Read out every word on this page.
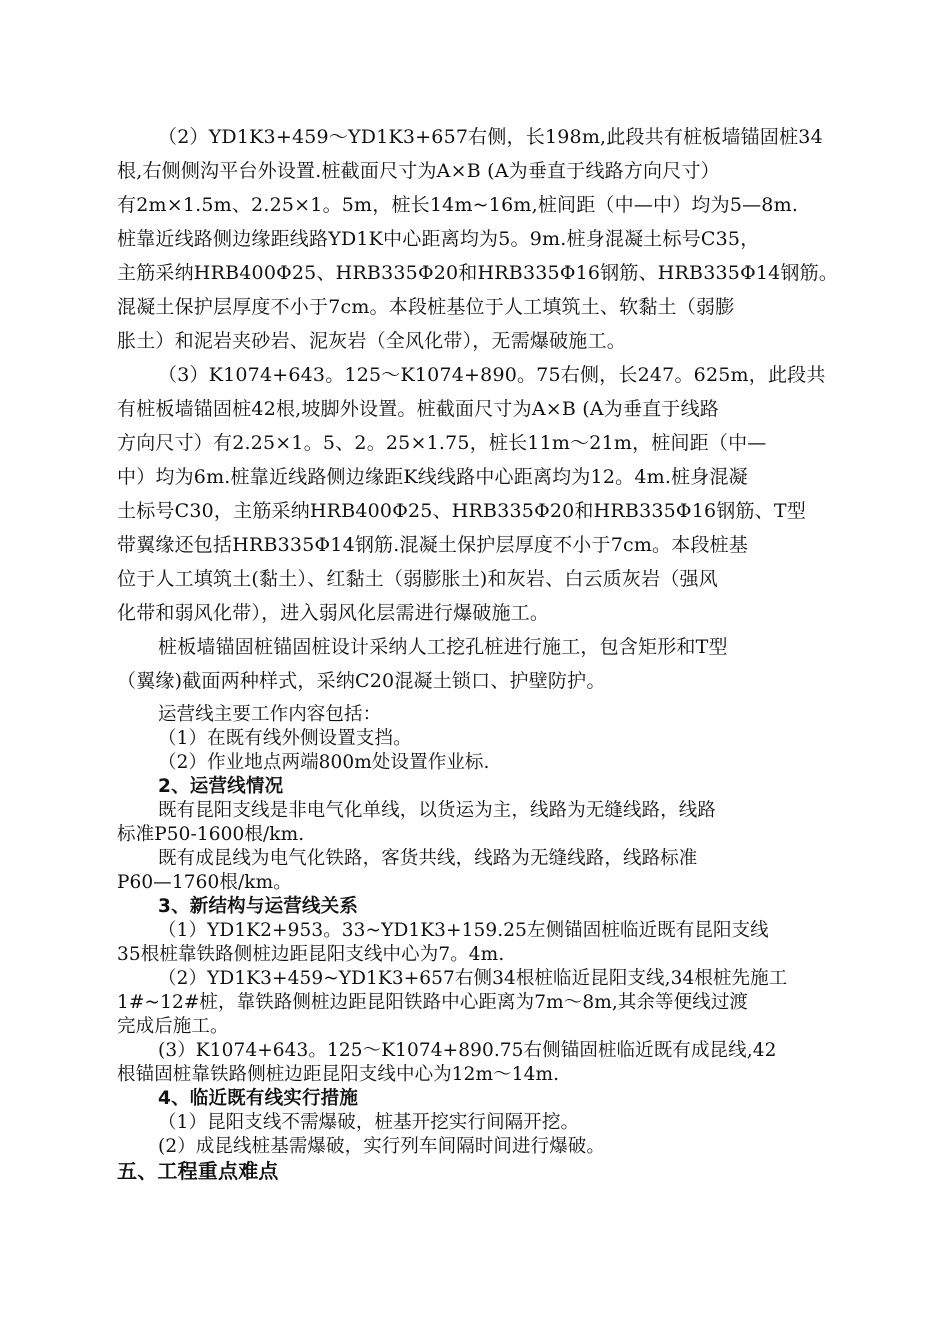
（2）YD1K3+459～YD1K3+657右侧，长198m,此段共有桩板墙锚固桩34
根,右侧侧沟平台外设置.桩截面尺寸为A×B (A为垂直于线路方向尺寸）
有2m×1.5m、2.25×1。5m，桩长14m~16m,桩间距（中—中）均为5—8m.
桩靠近线路侧边缘距线路YD1K中心距离均为5。9m.桩身混凝土标号C35，
主筋采纳HRB400Φ25、HRB335Φ20和HRB335Φ16钢筋、HRB335Φ14钢筋。
混凝土保护层厚度不小于7cm。本段桩基位于人工填筑土、软黏土（弱膨
胀土）和泥岩夹砂岩、泥灰岩（全风化带），无需爆破施工。
（3）K1074+643。125～K1074+890。75右侧，长247。625m，此段共
有桩板墙锚固桩42根,坡脚外设置。桩截面尺寸为A×B (A为垂直于线路
方向尺寸）有2.25×1。5、2。25×1.75，桩长11m～21m，桩间距（中—
中）均为6m.桩靠近线路侧边缘距K线线路中心距离均为12。4m.桩身混凝
土标号C30，主筋采纳HRB400Φ25、HRB335Φ20和HRB335Φ16钢筋、T型
带翼缘还包括HRB335Φ14钢筋.混凝土保护层厚度不小于7cm。本段桩基
位于人工填筑土(黏土）、红黏土（弱膨胀土)和灰岩、白云质灰岩（强风
化带和弱风化带），进入弱风化层需进行爆破施工。
桩板墙锚固桩锚固桩设计采纳人工挖孔桩进行施工，包含矩形和T型
（翼缘)截面两种样式，采纳C20混凝土锁口、护壁防护。
运营线主要工作内容包括：
（1）在既有线外侧设置支挡。
（2）作业地点两端800m处设置作业标.
2、运营线情况
既有昆阳支线是非电气化单线，以货运为主，线路为无缝线路，线路
标准P50-1600根/km.
既有成昆线为电气化铁路，客货共线，线路为无缝线路，线路标准
P60—1760根/km。
3、新结构与运营线关系
（1）YD1K2+953。33~YD1K3+159.25左侧锚固桩临近既有昆阳支线
35根桩靠铁路侧桩边距昆阳支线中心为7。4m.
（2）YD1K3+459~YD1K3+657右侧34根桩临近昆阳支线,34根桩先施工
1#~12#桩，靠铁路侧桩边距昆阳铁路中心距离为7m～8m,其余等便线过渡
完成后施工。
(3）K1074+643。125～K1074+890.75右侧锚固桩临近既有成昆线,42
根锚固桩靠铁路侧桩边距昆阳支线中心为12m～14m.
4、临近既有线实行措施
（1）昆阳支线不需爆破，桩基开挖实行间隔开挖。
(2）成昆线桩基需爆破，实行列车间隔时间进行爆破。
五、工程重点难点
